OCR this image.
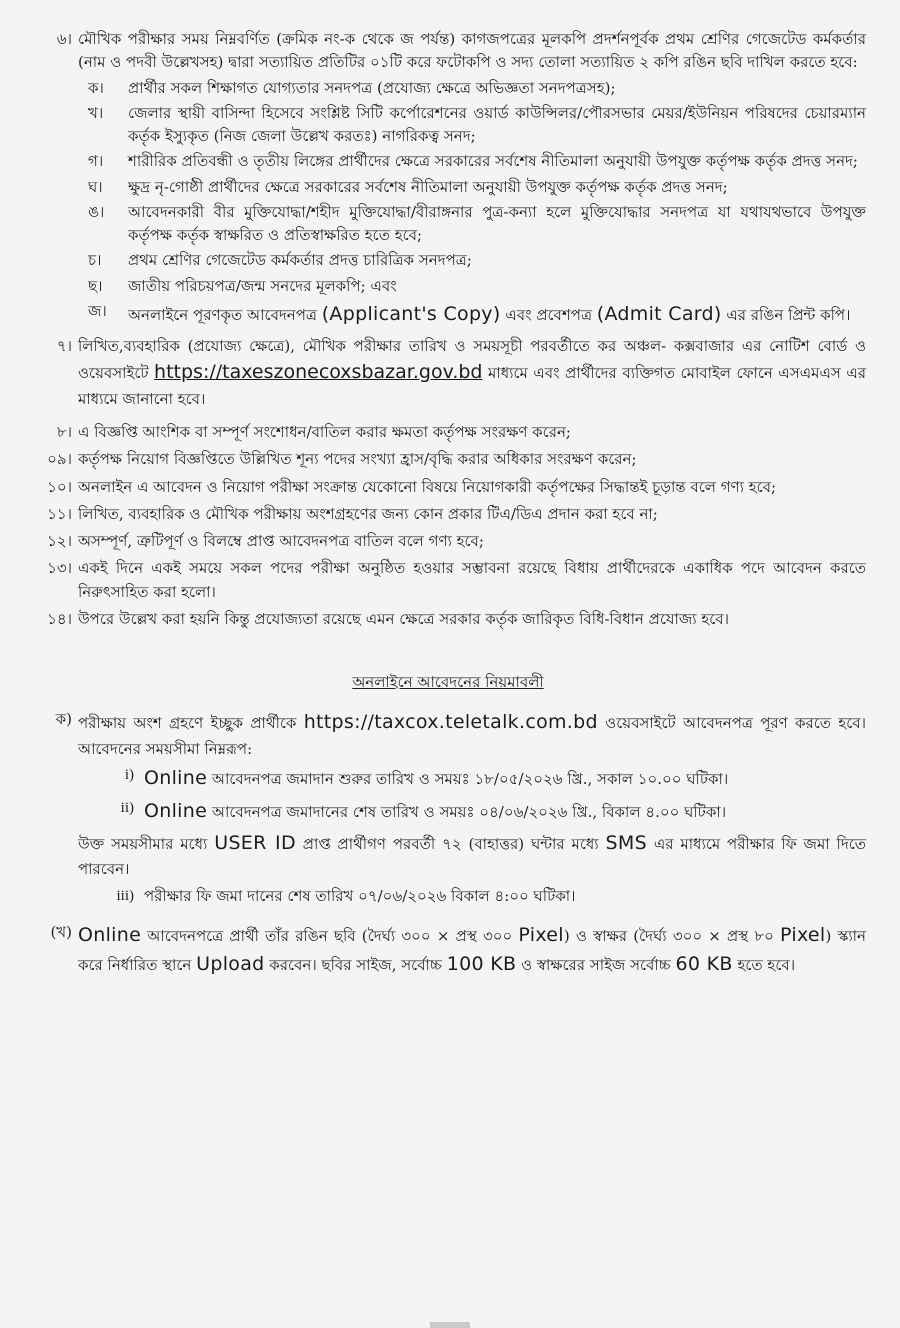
৬। মৌখিক পরীক্ষার সময় নিম্নবর্ণিত (ক্রমিক নং-ক থেকে জ পর্যন্ত) কাগজপত্রের মূলকপি প্রদর্শনপূর্বক প্রথম শ্রেণির গেজেটেড কর্মকর্তার (নাম ও পদবী উল্লেখসহ) দ্বারা সত্যায়িত প্রতিটির ০১টি করে ফটোকপি ও সদ্য তোলা সত্যায়িত ২ কপি রঙিন ছবি দাখিল করতে হবে:
ক।	প্রার্থীর সকল শিক্ষাগত যোগ্যতার সনদপত্র (প্রযোজ্য ক্ষেত্রে অভিজ্ঞতা সনদপত্রসহ);
খ।	জেলার স্থায়ী বাসিন্দা হিসেবে সংশ্লিষ্ট সিটি কর্পোরেশনের ওয়ার্ড কাউন্সিলর/পৌরসভার মেয়র/ইউনিয়ন পরিষদের চেয়ারম্যান কর্তৃক ইস্যুকৃত (নিজ জেলা উল্লেখ করতঃ) নাগরিকত্ব সনদ;
গ।	শারীরিক প্রতিবন্ধী ও তৃতীয় লিঙ্গের প্রার্থীদের ক্ষেত্রে সরকারের সর্বশেষ নীতিমালা অনুযায়ী উপযুক্ত কর্তৃপক্ষ কর্তৃক প্রদত্ত সনদ;
ঘ।	ক্ষুদ্র নৃ-গোষ্ঠী প্রার্থীদের ক্ষেত্রে সরকারের সর্বশেষ নীতিমালা অনুযায়ী উপযুক্ত কর্তৃপক্ষ কর্তৃক প্রদত্ত সনদ;
ঙ।	আবেদনকারী বীর মুক্তিযোদ্ধা/শহীদ মুক্তিযোদ্ধা/বীরাঙ্গনার পুত্র-কন্যা হলে মুক্তিযোদ্ধার সনদপত্র যা যথাযথভাবে উপযুক্ত কর্তৃপক্ষ কর্তৃক স্বাক্ষরিত ও প্রতিস্বাক্ষরিত হতে হবে;
চ।	প্রথম শ্রেণির গেজেটেড কর্মকর্তার প্রদত্ত চারিত্রিক সনদপত্র;
ছ।	জাতীয় পরিচয়পত্র/জন্ম সনদের মূলকপি; এবং
জ।	অনলাইনে পূরণকৃত আবেদনপত্র (Applicant's Copy) এবং প্রবেশপত্র (Admit Card) এর রঙিন প্রিন্ট কপি।
৭। লিখিত,ব্যবহারিক (প্রযোজ্য ক্ষেত্রে), মৌখিক পরীক্ষার তারিখ ও সময়সূচী পরবর্তীতে কর অঞ্চল- কক্সবাজার এর নোটিশ বোর্ড ও ওয়েবসাইটে https://taxeszonecoxsbazar.gov.bd মাধ্যমে এবং প্রার্থীদের ব্যক্তিগত মোবাইল ফোনে এসএমএস এর মাধ্যমে জানানো হবে।
৮। এ বিজ্ঞপ্তি আংশিক বা সম্পূর্ণ সংশোধন/বাতিল করার ক্ষমতা কর্তৃপক্ষ সংরক্ষণ করেন;
০৯। কর্তৃপক্ষ নিয়োগ বিজ্ঞপ্তিতে উল্লিখিত শূন্য পদের সংখ্যা হ্রাস/বৃদ্ধি করার অধিকার সংরক্ষণ করেন;
১০। অনলাইন এ আবেদন ও নিয়োগ পরীক্ষা সংক্রান্ত যেকোনো বিষয়ে নিয়োগকারী কর্তৃপক্ষের সিদ্ধান্তই চূড়ান্ত বলে গণ্য হবে;
১১। লিখিত, ব্যবহারিক ও মৌখিক পরীক্ষায় অংশগ্রহণের জন্য কোন প্রকার টিএ/ডিএ প্রদান করা হবে না;
১২। অসম্পূর্ণ, ত্রুটিপূর্ণ ও বিলম্বে প্রাপ্ত আবেদনপত্র বাতিল বলে গণ্য হবে;
১৩। একই দিনে একই সময়ে সকল পদের পরীক্ষা অনুষ্ঠিত হওয়ার সম্ভাবনা রয়েছে বিধায় প্রার্থীদেরকে একাধিক পদে আবেদন করতে নিরুৎসাহিত করা হলো।
১৪। উপরে উল্লেখ করা হয়নি কিন্তু প্রযোজ্যতা রয়েছে এমন ক্ষেত্রে সরকার কর্তৃক জারিকৃত বিধি-বিধান প্রযোজ্য হবে।
অনলাইনে আবেদনের নিয়মাবলী
ক) পরীক্ষায় অংশ গ্রহণে ইচ্ছুক প্রার্থীকে https://taxcox.teletalk.com.bd ওয়েবসাইটে আবেদনপত্র পূরণ করতে হবে। আবেদনের সময়সীমা নিম্নরূপ:
i) Online আবেদনপত্র জমাদান শুরুর তারিখ ও সময়ঃ ১৮/০৫/২০২৬ খ্রি., সকাল ১০.০০ ঘটিকা।
ii) Online আবেদনপত্র জমাদানের শেষ তারিখ ও সময়ঃ ০৪/০৬/২০২৬ খ্রি., বিকাল ৪.০০ ঘটিকা।
উক্ত সময়সীমার মধ্যে USER ID প্রাপ্ত প্রার্থীগণ পরবর্তী ৭২ (বাহাত্তর) ঘন্টার মধ্যে SMS এর মাধ্যমে পরীক্ষার ফি জমা দিতে পারবেন।
iii) পরীক্ষার ফি জমা দানের শেষ তারিখ ০৭/০৬/২০২৬ বিকাল ৪:০০ ঘটিকা।
(খ) Online আবেদনপত্রে প্রার্থী তাঁর রঙিন ছবি (দৈর্ঘ্য ৩০০ × প্রস্থ ৩০০ Pixel) ও স্বাক্ষর (দৈর্ঘ্য ৩০০ × প্রস্থ ৮০ Pixel) স্ক্যান করে নির্ধারিত স্থানে Upload করবেন। ছবির সাইজ, সর্বোচ্চ 100 KB ও স্বাক্ষরের সাইজ সর্বোচ্চ 60 KB হতে হবে।
